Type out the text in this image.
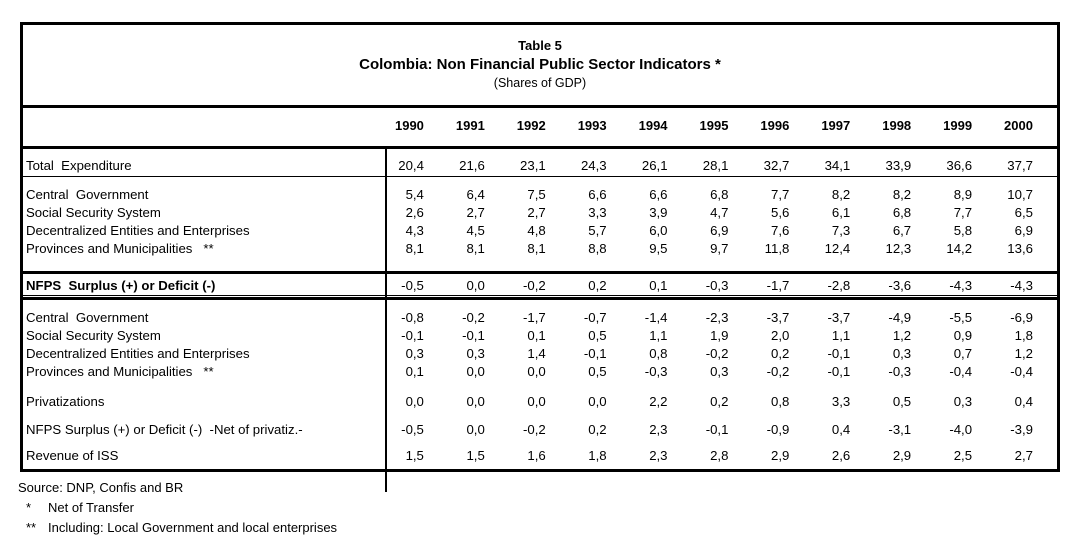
Table 5
Colombia: Non Financial Public Sector Indicators *
(Shares of GDP)
1990	1991	1992	1993	1994	1995	1996	1997	1998	1999	2000
Total  Expenditure	20,4	21,6	23,1	24,3	26,1	28,1	32,7	34,1	33,9	36,6	37,7
Central  Government	5,4	6,4	7,5	6,6	6,6	6,8	7,7	8,2	8,2	8,9	10,7
Social Security System	2,6	2,7	2,7	3,3	3,9	4,7	5,6	6,1	6,8	7,7	6,5
Decentralized Entities and Enterprises	4,3	4,5	4,8	5,7	6,0	6,9	7,6	7,3	6,7	5,8	6,9
Provinces and Municipalities   **	8,1	8,1	8,1	8,8	9,5	9,7	11,8	12,4	12,3	14,2	13,6
NFPS  Surplus (+) or Deficit (-)	-0,5	0,0	-0,2	0,2	0,1	-0,3	-1,7	-2,8	-3,6	-4,3	-4,3
Central  Government	-0,8	-0,2	-1,7	-0,7	-1,4	-2,3	-3,7	-3,7	-4,9	-5,5	-6,9
Social Security System	-0,1	-0,1	0,1	0,5	1,1	1,9	2,0	1,1	1,2	0,9	1,8
Decentralized Entities and Enterprises	0,3	0,3	1,4	-0,1	0,8	-0,2	0,2	-0,1	0,3	0,7	1,2
Provinces and Municipalities   **	0,1	0,0	0,0	0,5	-0,3	0,3	-0,2	-0,1	-0,3	-0,4	-0,4
Privatizations	0,0	0,0	0,0	0,0	2,2	0,2	0,8	3,3	0,5	0,3	0,4
NFPS Surplus (+) or Deficit (-)  -Net of privatiz.-	-0,5	0,0	-0,2	0,2	2,3	-0,1	-0,9	0,4	-3,1	-4,0	-3,9
Revenue of ISS	1,5	1,5	1,6	1,8	2,3	2,8	2,9	2,6	2,9	2,5	2,7
Source: DNP, Confis and BR
*	Net of Transfer
** Including: Local Government and local enterprises
